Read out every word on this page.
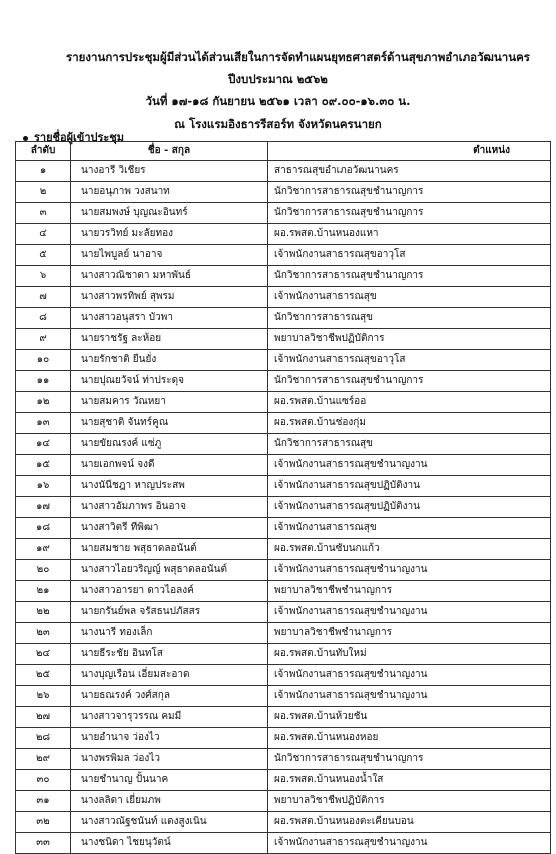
รายงานการประชุมผู้มีส่วนได้ส่วนเสียในการจัดทำแผนยุทธศาสตร์ด้านสุขภาพอำเภอวัฒนานคร
ปีงบประมาณ ๒๕๖๒
วันที่ ๑๗-๑๘ กันยายน ๒๕๖๑ เวลา ๐๙.๐๐-๑๖.๓๐ น.
ณ โรงแรมอิงธารรีสอร์ท จังหวัดนครนายก
รายชื่อผู้เข้าประชุม
ลำดับ	ชื่อ - สกุล	ตำแหน่ง
๑	นางอารี วิเชียร	สาธารณสุขอำเภอวัฒนานคร
๒	นายอนุภาพ วงสนาท	นักวิชาการสาธารณสุขชำนาญการ
๓	นายสมพงษ์ บุญณะอินทร์	นักวิชาการสาธารณสุขชำนาญการ
๔	นายวรวิทย์ มะลัยทอง	ผอ.รพสต.บ้านหนองแหา
๕	นายไพบูลย์ นาอาจ	เจ้าพนักงานสาธารณสุขอาวุโส
๖	นางสาวณิชาดา มหาพันธ์	นักวิชาการสาธารณสุขชำนาญการ
๗	นางสาวพรทิพย์ สุพรม	เจ้าพนักงานสาธารณสุข
๘	นางสาวอนุสรา บัวพา	นักวิชาการสาธารณสุข
๙	นายราชรัฐ ละห้อย	พยาบาลวิชาชีพปฏิบัติการ
๑๐	นายรักชาติ ยืนยั่ง	เจ้าพนักงานสาธารณสุขอาวุโส
๑๑	นายปุณยวัจน์ ท่าประดุจ	นักวิชาการสาธารณสุขชำนาญการ
๑๒	นายสมคาร วัณหยา	ผอ.รพสต.บ้านแซร์ออ
๑๓	นายสุชาติ จันทร์คูณ	ผอ.รพสต.บ้านช่องกุ่ม
๑๔	นายขัยณรงค์ แซ่ภู	นักวิชาการสาธารณสุข
๑๕	นายเอกพจน์ จงดี	เจ้าพนักงานสาธารณสุขชำนาญงาน
๑๖	นางนันีชฎา หาญประสพ	เจ้าพนักงานสาธารณสุขปฏิบัติงาน
๑๗	นางสาวอัมภาพร อินอาจ	เจ้าพนักงานสาธารณสุขปฏิบัติงาน
๑๘	นางสาวิตรี ทีพิฒา	เจ้าพนักงานสาธารณสุข
๑๙	นายสมชาย พสุธาดลอนันต์	ผอ.รพสต.บ้านซับนกแก้ว
๒๐	นางสาวไอยวริญญ์ พสุธาดลอนันต์	เจ้าพนักงานสาธารณสุขชำนาญงาน
๒๑	นางสาวอารยา ดาวไอลงค์	พยาบาลวิชาชีพชำนาญการ
๒๒	นายกรันย์พล จรัสธนปภัสสร	เจ้าพนักงานสาธารณสุขชำนาญงาน
๒๓	นางนารี ทองเล็ก	พยาบาลวิชาชีพชำนาญการ
๒๔	นายธีระชัย อินทโส	ผอ.รพสต.บ้านทับใหม่
๒๕	นางบุญเรือน เอี่ยมสะอาด	เจ้าพนักงานสาธารณสุขชำนาญงาน
๒๖	นายธณรงค์ วงศ์สกุล	เจ้าพนักงานสาธารณสุขชำนาญงาน
๒๗	นางสาวจารุวรรณ คมมี	ผอ.รพสต.บ้านห้วยชัน
๒๘	นายอำนาจ ว่องไว	ผอ.รพสต.บ้านหนองหอย
๒๙	นางพรพิมล ว่องไว	นักวิชาการสาธารณสุขชำนาญการ
๓๐	นายชำนาญ ปั้นนาค	ผอ.รพสต.บ้านหนองน้ำใส
๓๑	นางลลิดา เยี่ยมภพ	พยาบาลวิชาชีพปฏิบัติการ
๓๒	นางสาวณัฐชนันท์ แดงสูงเนิน	ผอ.รพสต.บ้านหนองตะเคียนบอน
๓๓	นางชนิดา ไชยนุวัตน์	เจ้าพนักงานสาธารณสุขชำนาญงาน
